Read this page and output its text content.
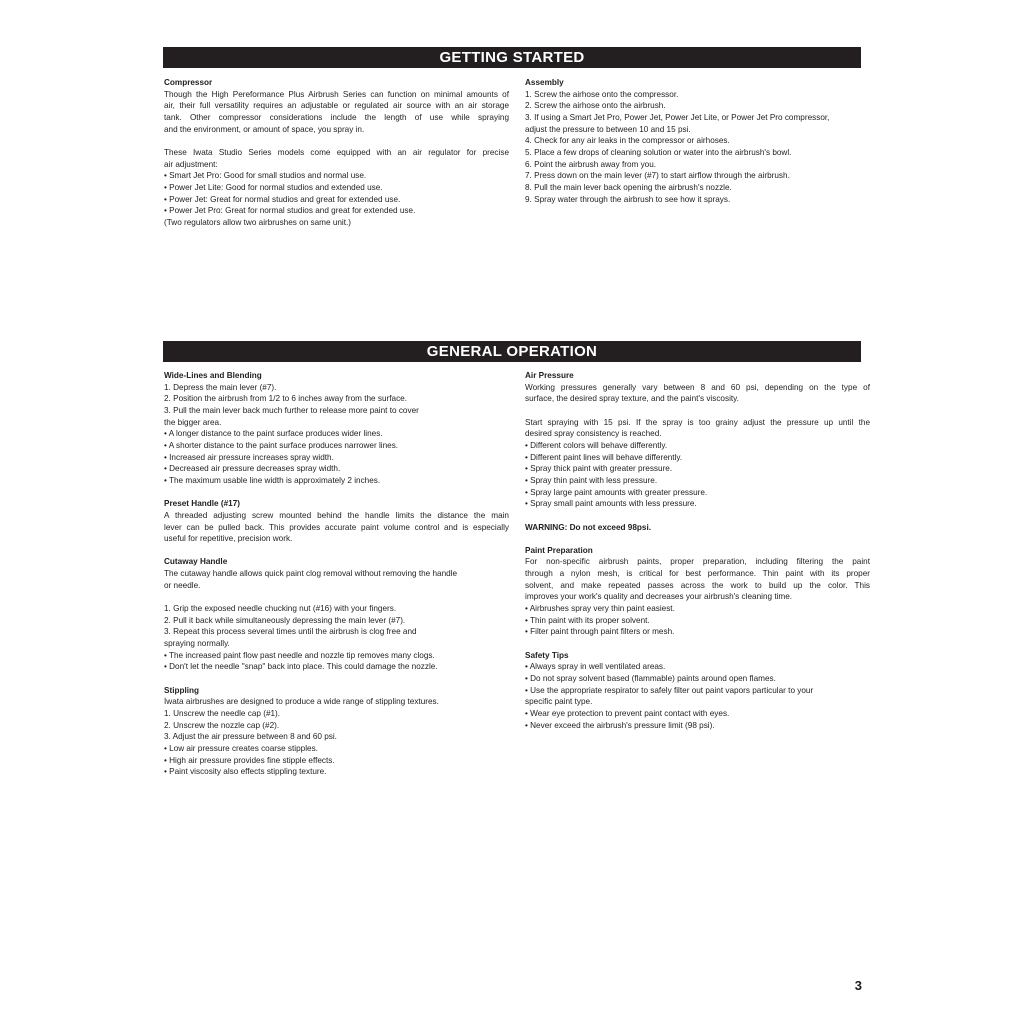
GETTING STARTED
Compressor
Though the High Pereformance Plus Airbrush Series can function on minimal amounts of
air, their full versatility requires an adjustable or regulated air source with an air storage
tank. Other compressor considerations include the length of use while spraying
and the environment, or amount of space, you spray in.
These Iwata Studio Series models come equipped with an air regulator for precise
air adjustment:
• Smart Jet Pro: Good for small studios and normal use.
• Power Jet Lite: Good for normal studios and extended use.
• Power Jet: Great for normal studios and great for extended use.
• Power Jet Pro: Great for normal studios and great for extended use.
(Two regulators allow two airbrushes on same unit.)
Assembly
1. Screw the airhose onto the compressor.
2. Screw the airhose onto the airbrush.
3. If using a Smart Jet Pro, Power Jet, Power Jet Lite, or Power Jet Pro compressor,
adjust the pressure to between 10 and 15 psi.
4. Check for any air leaks in the compressor or airhoses.
5. Place a few drops of cleaning solution or water into the airbrush's bowl.
6. Point the airbrush away from you.
7. Press down on the main lever (#7) to start airflow through the airbrush.
8. Pull the main lever back opening the airbrush's nozzle.
9. Spray water through the airbrush to see how it sprays.
GENERAL OPERATION
Wide-Lines and Blending
1. Depress the main lever (#7).
2. Position the airbrush from 1/2 to 6 inches away from the surface.
3. Pull the main lever back much further to release more paint to cover
the bigger area.
• A longer distance to the paint surface produces wider lines.
• A shorter distance to the paint surface produces narrower lines.
• Increased air pressure increases spray width.
• Decreased air pressure decreases spray width.
• The maximum usable line width is approximately 2 inches.
Preset Handle (#17)
A threaded adjusting screw mounted behind the handle limits the distance the main
lever can be pulled back. This provides accurate paint volume control and is especially
useful for repetitive, precision work.
Cutaway Handle
The cutaway handle allows quick paint clog removal without removing the handle
or needle.
1. Grip the exposed needle chucking nut (#16) with your fingers.
2. Pull it back while simultaneously depressing the main lever (#7).
3. Repeat this process several times until the airbrush is clog free and
spraying normally.
• The increased paint flow past needle and nozzle tip removes many clogs.
• Don't let the needle "snap" back into place. This could damage the nozzle.
Stippling
Iwata airbrushes are designed to produce a wide range of stippling textures.
1. Unscrew the needle cap (#1).
2. Unscrew the nozzle cap (#2).
3. Adjust the air pressure between 8 and 60 psi.
• Low air pressure creates coarse stipples.
• High air pressure provides fine stipple effects.
• Paint viscosity also effects stippling texture.
Air Pressure
Working pressures generally vary between 8 and 60 psi, depending on the type of
surface, the desired spray texture, and the paint's viscosity.
Start spraying with 15 psi. If the spray is too grainy adjust the pressure up until the
desired spray consistency is reached.
• Different colors will behave differently.
• Different paint lines will behave differently.
• Spray thick paint with greater pressure.
• Spray thin paint with less pressure.
• Spray large paint amounts with greater pressure.
• Spray small paint amounts with less pressure.
WARNING: Do not exceed 98psi.
Paint Preparation
For non-specific airbrush paints, proper preparation, including filtering the paint
through a nylon mesh, is critical for best performance. Thin paint with its proper
solvent, and make repeated passes across the work to build up the color. This
improves your work's quality and decreases your airbrush's cleaning time.
• Airbrushes spray very thin paint easiest.
• Thin paint with its proper solvent.
• Filter paint through paint filters or mesh.
Safety Tips
• Always spray in well ventilated areas.
• Do not spray solvent based (flammable) paints around open flames.
• Use the appropriate respirator to safely filter out paint vapors particular to your
specific paint type.
• Wear eye protection to prevent paint contact with eyes.
• Never exceed the airbrush's pressure limit (98 psi).
3
